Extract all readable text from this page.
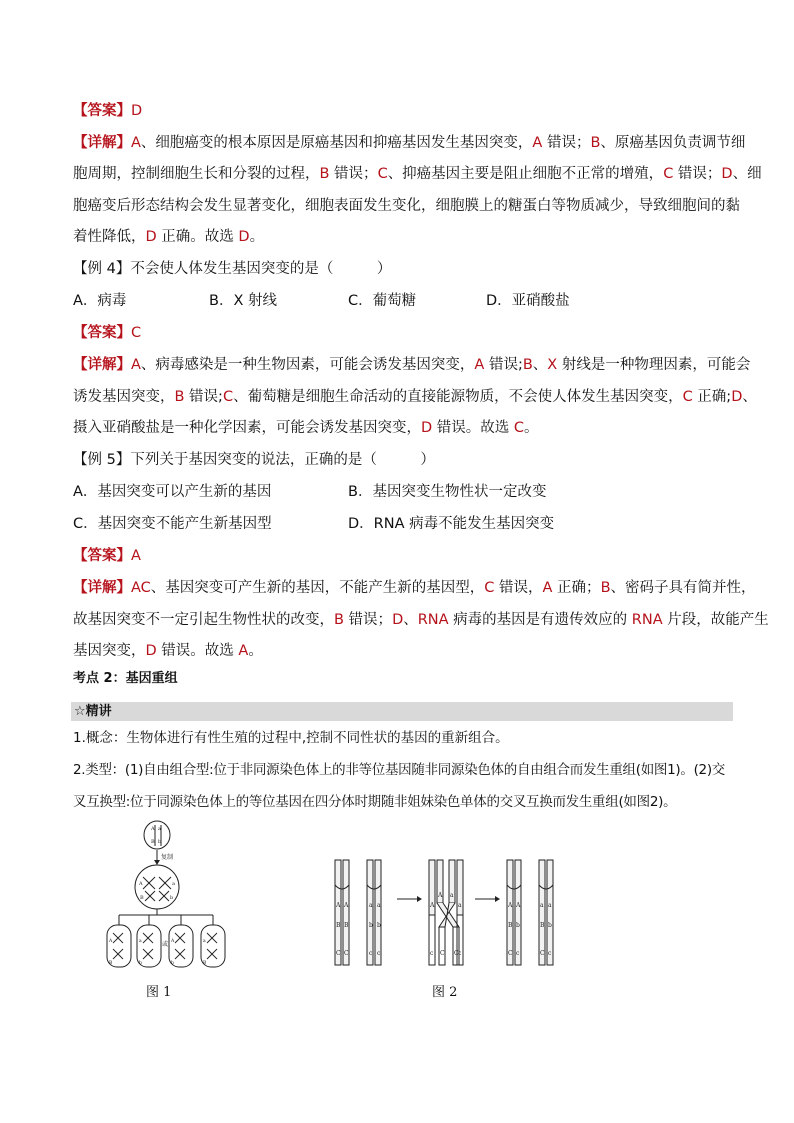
【答案】D
【详解】A、细胞癌变的根本原因是原癌基因和抑癌基因发生基因突变，A 错误；B、原癌基因负责调节细
胞周期，控制细胞生长和分裂的过程，B 错误；C、抑癌基因主要是阻止细胞不正常的增殖，C 错误；D、细
胞癌变后形态结构会发生显著变化，细胞表面发生变化，细胞膜上的糖蛋白等物质减少，导致细胞间的黏
着性降低，D 正确。故选 D。
【例 4】不会使人体发生基因突变的是（　　　）
A．病毒	B．X 射线	C．葡萄糖	D．亚硝酸盐
【答案】C
【详解】A、病毒感染是一种生物因素，可能会诱发基因突变，A 错误;B、X 射线是一种物理因素，可能会
诱发基因突变，B 错误;C、葡萄糖是细胞生命活动的直接能源物质，不会使人体发生基因突变，C 正确;D、
摄入亚硝酸盐是一种化学因素，可能会诱发基因突变，D 错误。故选 C。
【例 5】下列关于基因突变的说法，正确的是（　　　）
A．基因突变可以产生新的基因	B．基因突变生物性状一定改变
C．基因突变不能产生新基因型	D．RNA 病毒不能发生基因突变
【答案】A
【详解】AC、基因突变可产生新的基因，不能产生新的基因型，C 错误，A 正确；B、密码子具有简并性，
故基因突变不一定引起生物性状的改变，B 错误；D、RNA 病毒的基因是有遗传效应的 RNA 片段，故能产生
基因突变，D 错误。故选 A。
考点 2：基因重组
☆精讲
1.概念：生物体进行有性生殖的过程中,控制不同性状的基因的重新组合。
2.类型：(1)自由组合型:位于非同源染色体上的非等位基因随非同源染色体的自由组合而发生重组(如图1)。(2)交
叉互换型:位于同源染色体上的等位基因在四分体时期随非姐妹染色单体的交叉互换而发生重组(如图2)。
A a
B b
复制
A	a
B	b
A
B
a
b
A
b
a
B
或
图 1
A A	a a
B B	b b
C C	c c
A
A a
a
c C C c
A A	a a
B b	B b
C c	C c
图 2
